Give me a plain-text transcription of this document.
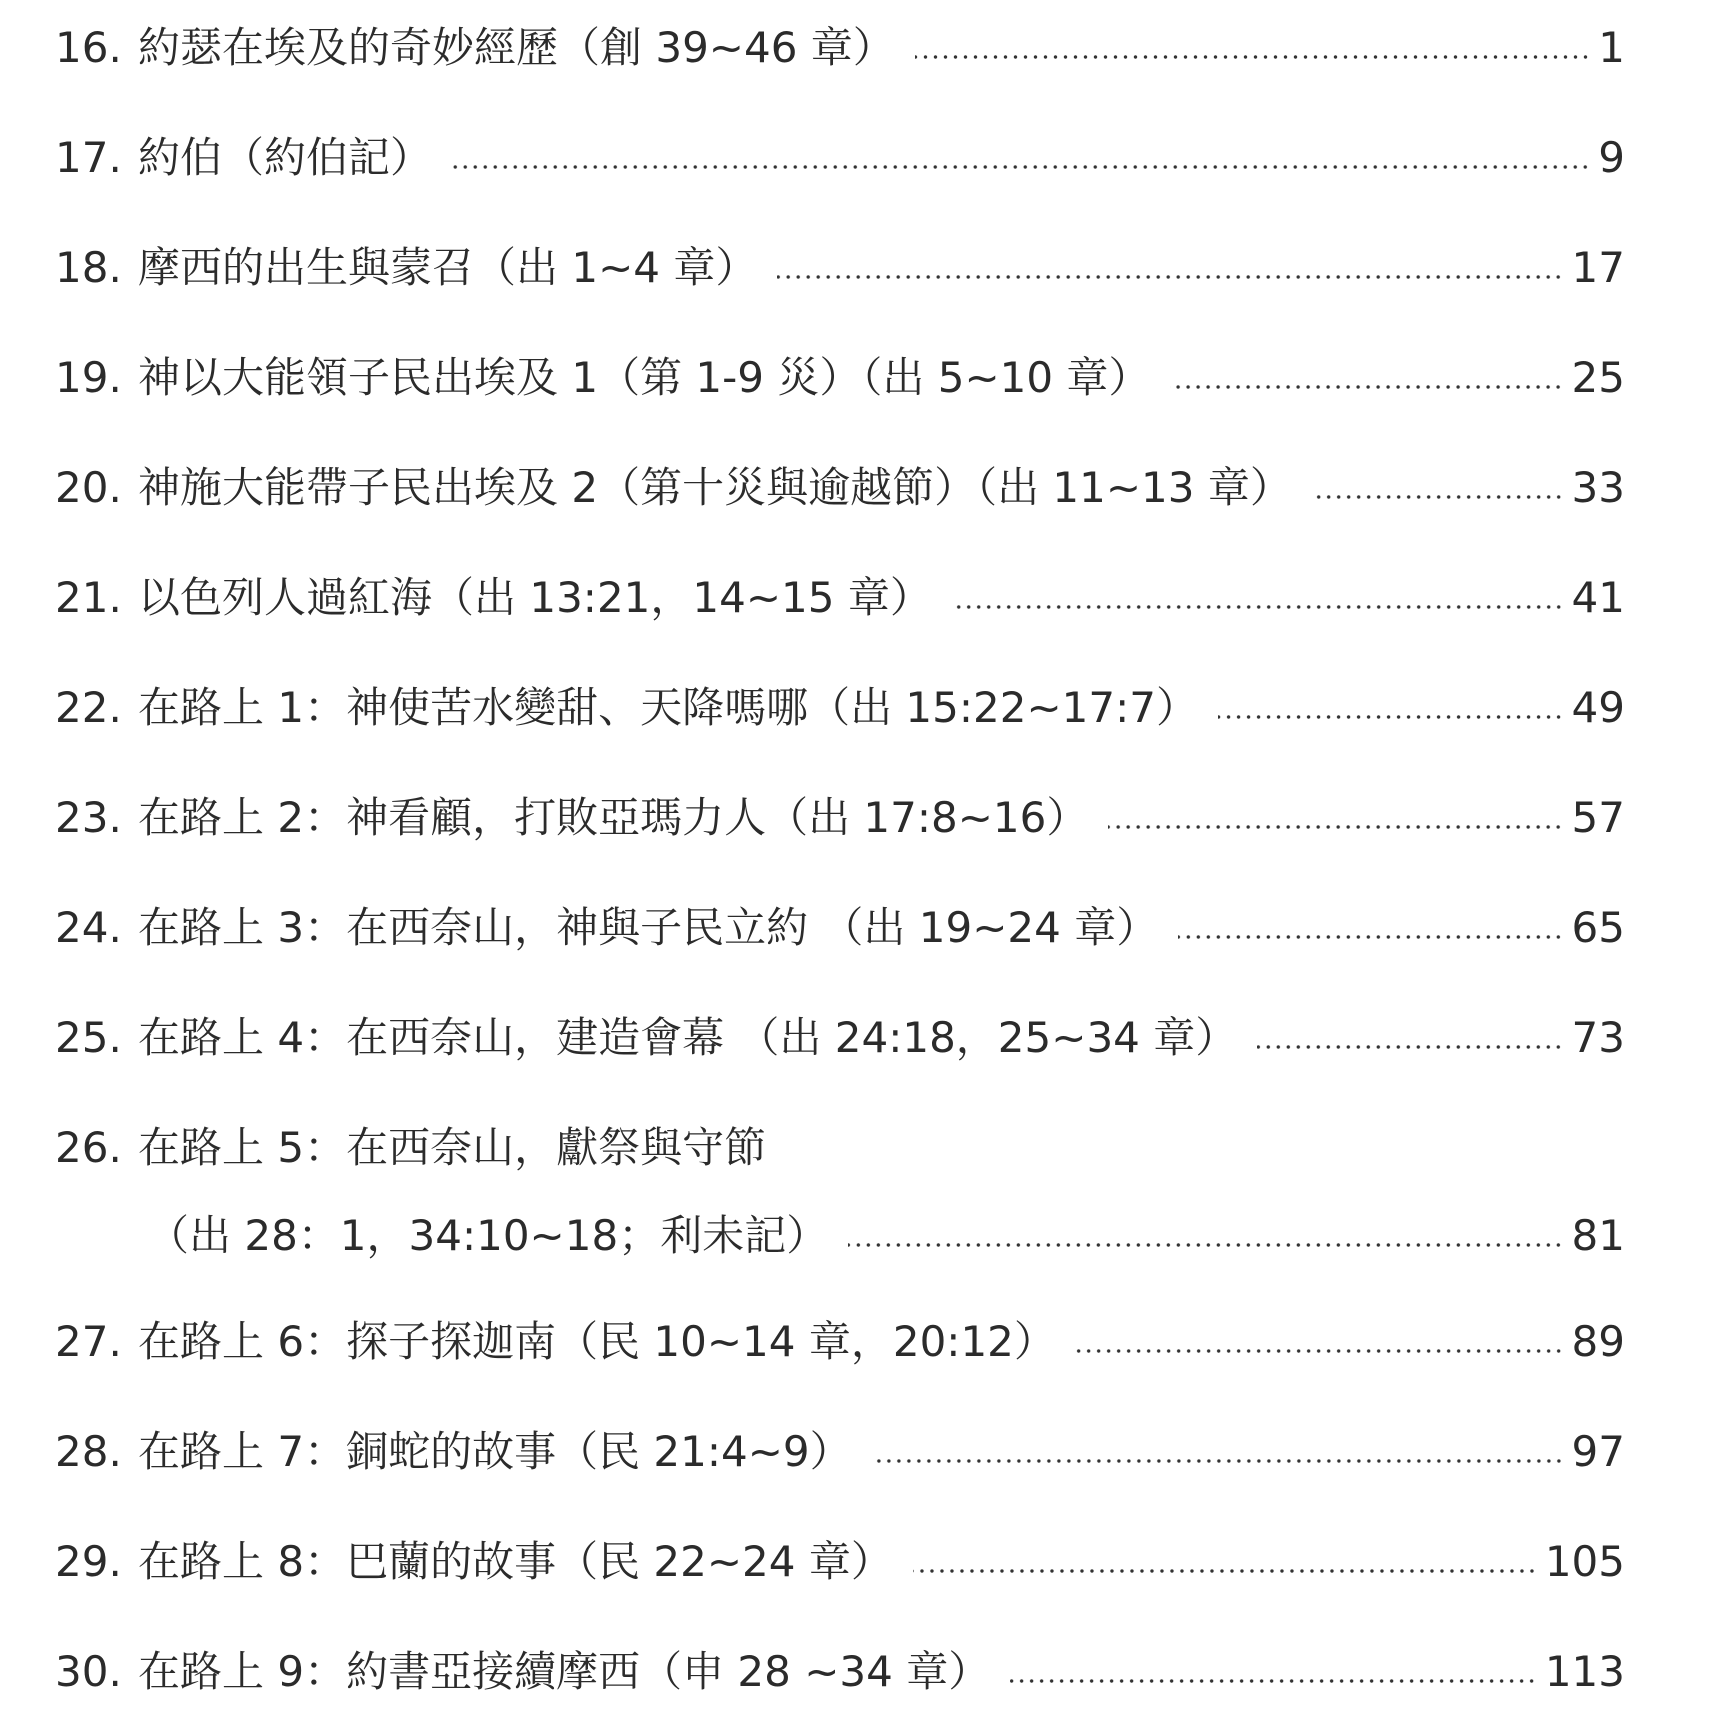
16. 約瑟在埃及的奇妙經歷（創 39~46 章）	1
17. 約伯（約伯記）	9
18. 摩西的出生與蒙召（出 1~4 章）	17
19. 神以大能領子民出埃及 1（第 1-9 災）（出 5~10 章）	25
20. 神施大能帶子民出埃及 2（第十災與逾越節）（出 11~13 章）	33
21. 以色列人過紅海（出 13:21，14~15 章）	41
22. 在路上 1：神使苦水變甜、天降嗎哪（出 15:22~17:7）	49
23. 在路上 2：神看顧，打敗亞瑪力人（出 17:8~16）	57
24. 在路上 3：在西奈山，神與子民立約 （出 19~24 章）	65
25. 在路上 4：在西奈山，建造會幕 （出 24:18，25~34 章）	73
26. 在路上 5：在西奈山，獻祭與守節
（出 28：1，34:10~18；利未記）	81
27. 在路上 6：探子探迦南（民 10~14 章，20:12）	89
28. 在路上 7：銅蛇的故事（民 21:4~9）	97
29. 在路上 8：巴蘭的故事（民 22~24 章）	105
30. 在路上 9：約書亞接續摩西（申 28 ~34 章）	113
